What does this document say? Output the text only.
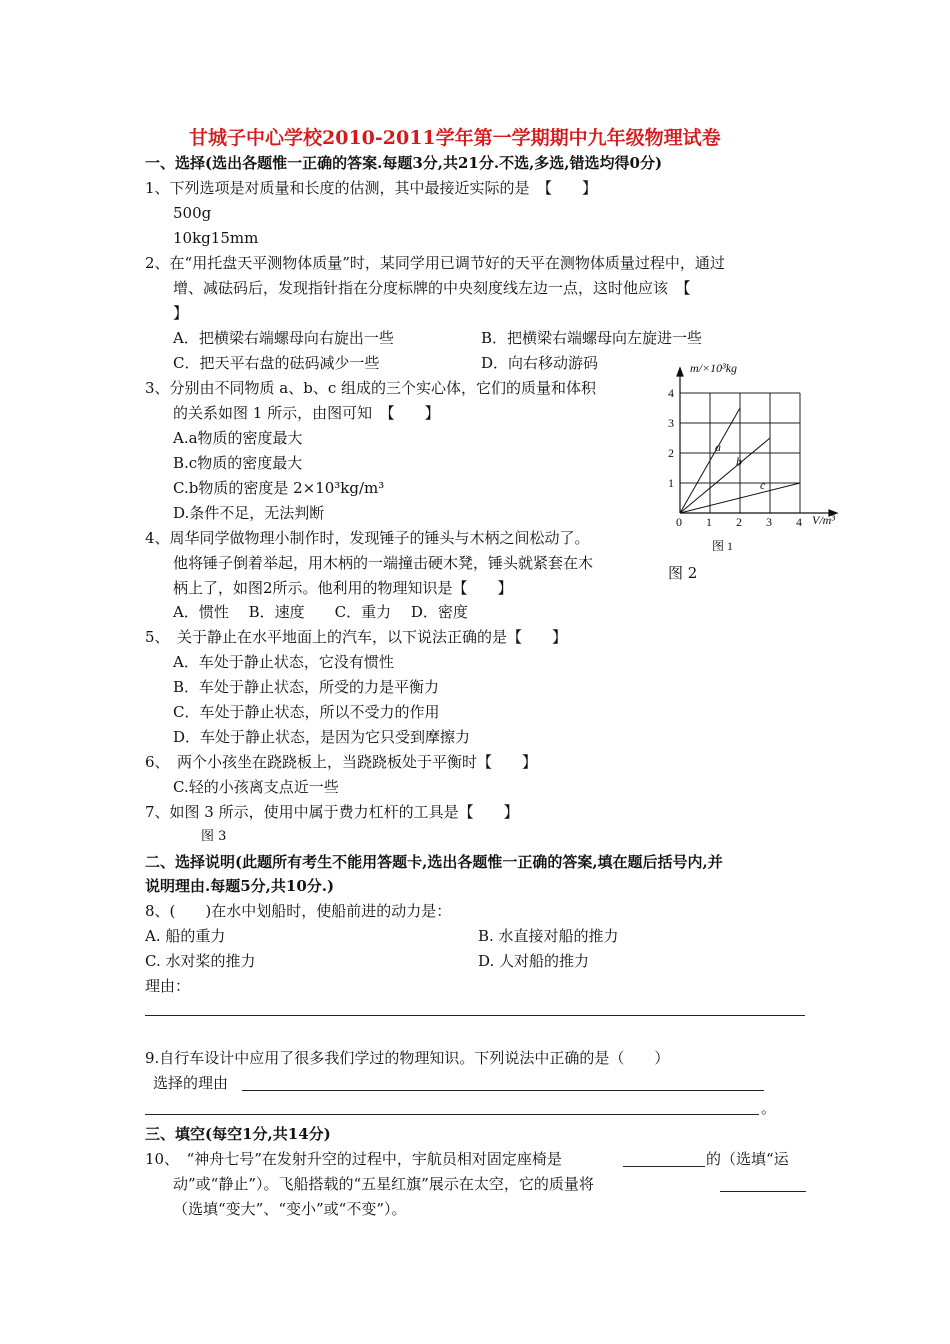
甘城子中心学校2010-2011学年第一学期期中九年级物理试卷
一、选择(选出各题惟一正确的答案.每题3分,共21分.不选,多选,错选均得0分)
1、下列选项是对质量和长度的估测，其中最接近实际的是　【　　】
500g
10kg15mm
2、在“用托盘天平测物体质量”时，某同学用已调节好的天平在测物体质量过程中，通过
增、减砝码后，发现指针指在分度标牌的中央刻度线左边一点，这时他应该　【
】
A．把横梁右端螺母向右旋出一些	B．把横梁右端螺母向左旋进一些
C．把天平右盘的砝码减少一些	D．向右移动游码
3、分别由不同物质 a、b、c 组成的三个实心体，它们的质量和体积
的关系如图 1 所示，由图可知　【　　】
A.a物质的密度最大
B.c物质的密度最大
C.b物质的密度是 2×10³kg/m³
D.条件不足，无法判断
a
b
c
0 1 2 3 4
1
2
3
4
m/×10³kg
V/m³
图 1
4、周华同学做物理小制作时，发现锤子的锤头与木柄之间松动了。
他将锤子倒着举起，用木柄的一端撞击硬木凳，锤头就紧套在木
柄上了，如图2所示。他利用的物理知识是【　　】
图 2
A．惯性　 B．速度　　C．重力　 D．密度
5、　关于静止在水平地面上的汽车，以下说法正确的是【　　】
A．车处于静止状态，它没有惯性
B．车处于静止状态，所受的力是平衡力
C．车处于静止状态，所以不受力的作用
D．车处于静止状态，是因为它只受到摩擦力
6、　两个小孩坐在跷跷板上，当跷跷板处于平衡时【　　】
C.轻的小孩离支点近一些
7、如图 3 所示，使用中属于费力杠杆的工具是【　　】
图 3
二、选择说明(此题所有考生不能用答题卡,选出各题惟一正确的答案,填在题后括号内,并
说明理由.每题5分,共10分.)
8、(　　)在水中划船时，使船前进的动力是：
A. 船的重力	B. 水直接对船的推力
C. 水对桨的推力	D. 人对船的推力
理由：
9.自行车设计中应用了很多我们学过的物理知识。下列说法中正确的是（　　）
选择的理由
。
三、填空(每空1分,共14分)
10、　“神舟七号”在发射升空的过程中，宇航员相对固定座椅是	的（选填“运
动”或“静止”）。飞船搭载的“五星红旗”展示在太空，它的质量将
（选填“变大”、“变小”或“不变”）。
